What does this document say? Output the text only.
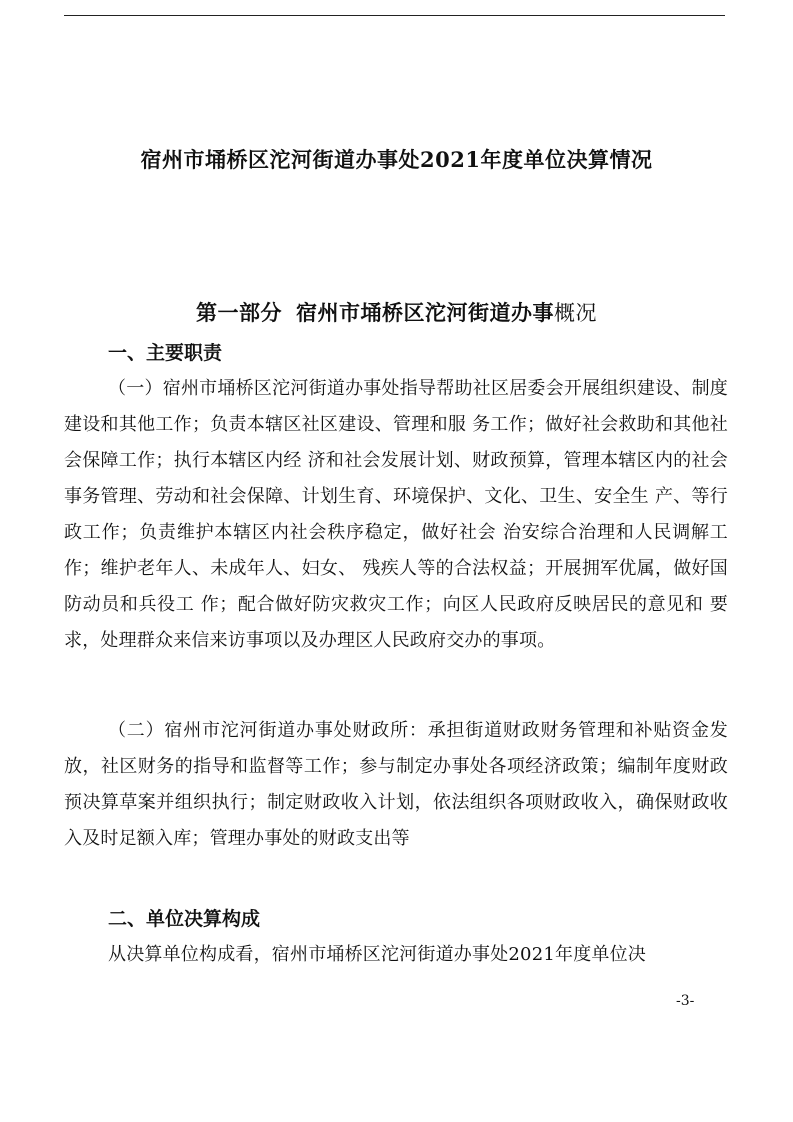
宿州市埇桥区沱河街道办事处2021年度单位决算情况
第一部分 宿州市埇桥区沱河街道办事概况
一、主要职责

（一）宿州市埇桥区沱河街道办事处指导帮助社区居委会开展组织建设、制度建设和其他工作；负责本辖区社区建设、管理和服 务工作；做好社会救助和其他社会保障工作；执行本辖区内经 济和社会发展计划、财政预算，管理本辖区内的社会事务管理、劳动和社会保障、计划生育、环境保护、文化、卫生、安全生 产、等行政工作；负责维护本辖区内社会秩序稳定，做好社会 治安综合治理和人民调解工作；维护老年人、未成年人、妇女、 残疾人等的合法权益；开展拥军优属，做好国防动员和兵役工 作；配合做好防灾救灾工作；向区人民政府反映居民的意见和 要求，处理群众来信来访事项以及办理区人民政府交办的事项。

（二）宿州市沱河街道办事处财政所：承担街道财政财务管理和补贴资金发放，社区财务的指导和监督等工作；参与制定办事处各项经济政策；编制年度财政预决算草案并组织执行；制定财政收入计划，依法组织各项财政收入，确保财政收入及时足额入库；管理办事处的财政支出等

二、单位决算构成

从决算单位构成看，宿州市埇桥区沱河街道办事处2021年度单位决

-3-
